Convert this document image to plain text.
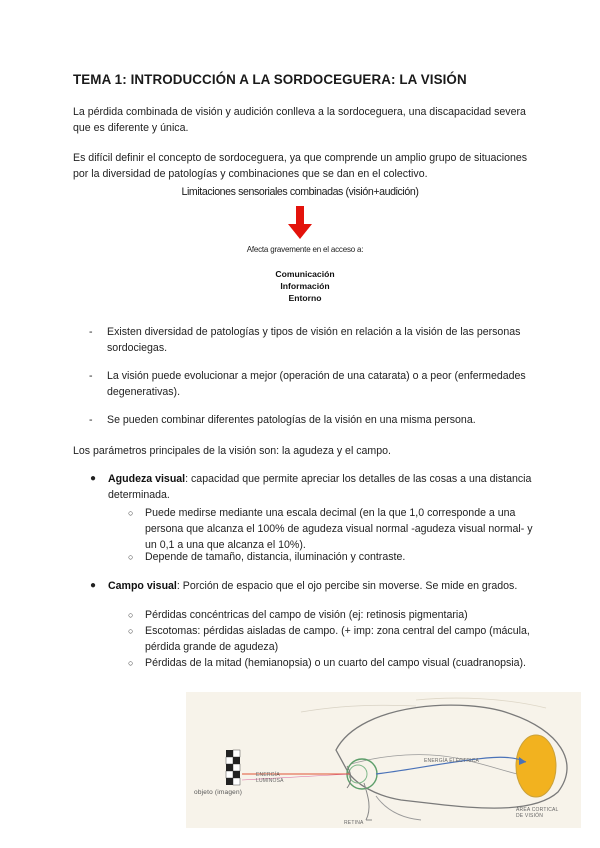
TEMA 1: INTRODUCCIÓN A LA SORDOCEGUERA: LA VISIÓN
La pérdida combinada de visión y audición conlleva a la sordoceguera, una discapacidad severa que es diferente y única.
Es difícil definir el concepto de sordoceguera, ya que comprende un amplio grupo de situaciones por la diversidad de patologías y combinaciones que se dan en el colectivo.
Limitaciones sensoriales combinadas (visión+audición)
Afecta gravemente en el acceso a:
Comunicación
Información
Entorno
- Existen diversidad de patologías y tipos de visión en relación a la visión de las personas sordociegas.
- La visión puede evolucionar a mejor (operación de una catarata) o a peor (enfermedades degenerativas).
- Se pueden combinar diferentes patologías de la visión en una misma persona.
Los parámetros principales de la visión son: la agudeza y el campo.
● Agudeza visual: capacidad que permite apreciar los detalles de las cosas a una distancia determinada.
○ Puede medirse mediante una escala decimal (en la que 1,0 corresponde a una persona que alcanza el 100% de agudeza visual normal -agudeza visual normal- y un 0,1 a una que alcanza el 10%).
○ Depende de tamaño, distancia, iluminación y contraste.
● Campo visual: Porción de espacio que el ojo percibe sin moverse. Se mide en grados.
○ Pérdidas concéntricas del campo de visión (ej: retinosis pigmentaria)
○ Escotomas: pérdidas aisladas de campo. (+ imp: zona central del campo (mácula, pérdida grande de agudeza)
○ Pérdidas de la mitad (hemianopsia) o un cuarto del campo visual (cuadranopsia).
objeto (imagen)
ENERGÍA
LUMINOSA
ENERGÍA ELÉCTRICA
RETINA
ÁREA CORTICAL
DE VISIÓN
